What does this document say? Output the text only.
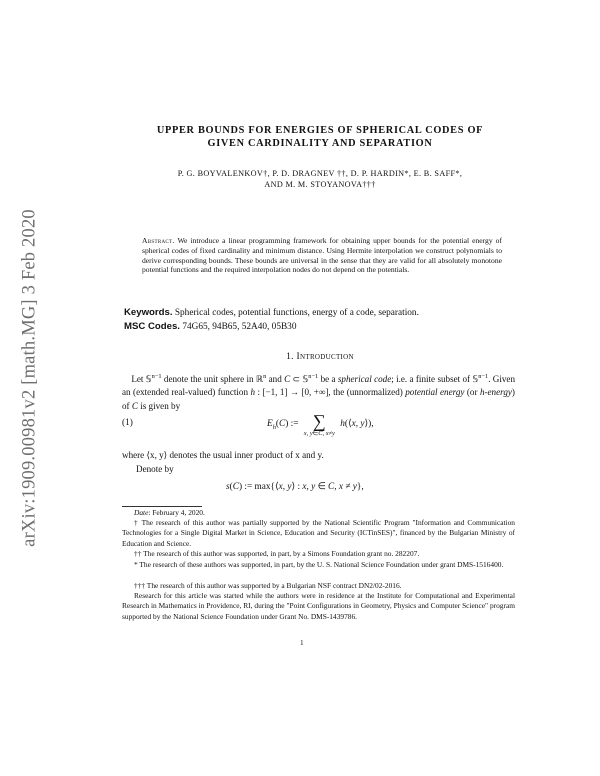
arXiv:1909.00981v2 [math.MG] 3 Feb 2020
UPPER BOUNDS FOR ENERGIES OF SPHERICAL CODES OF
GIVEN CARDINALITY AND SEPARATION
P. G. BOYVALENKOV†, P. D. DRAGNEV ††, D. P. HARDIN*, E. B. SAFF*,
AND M. M. STOYANOVA†††
Abstract. We introduce a linear programming framework for obtaining upper bounds for the potential energy of spherical codes of fixed cardinality and minimum distance. Using Hermite interpolation we construct polynomials to derive corresponding bounds. These bounds are universal in the sense that they are valid for all absolutely monotone potential functions and the required interpolation nodes do not depend on the potentials.
Keywords. Spherical codes, potential functions, energy of a code, separation.
MSC Codes. 74G65, 94B65, 52A40, 05B30
1. Introduction
Let 𝕊$^{n-1}$ denote the unit sphere in ℝ$^n$ and C ⊂ 𝕊$^{n-1}$ be a spherical code; i.e. a finite subset of 𝕊$^{n-1}$. Given an (extended real-valued) function h : [−1, 1] → [0, +∞], the (unnormalized) potential energy (or h-energy) of C is given by
(1)	$E_h(C)$ := ∑
$^{x, y\in C, x\ne y}$ h(⟨x, y⟩),
where ⟨x, y⟩ denotes the usual inner product of x and y.
Denote by
s(C) := max{⟨x, y⟩ : x, y ∈ C, x ≠ y},
Date: February 4, 2020.
† The research of this author was partially supported by the National Scientific Program "Information and Communication Technologies for a Single Digital Market in Science, Education and Security (ICTinSES)", financed by the Bulgarian Ministry of Education and Science.
†† The research of this author was supported, in part, by a Simons Foundation grant no. 282207.
* The research of these authors was supported, in part, by the U. S. National Science Foundation under grant DMS-1516400.
††† The research of this author was supported by a Bulgarian NSF contract DN2/02-2016.
Research for this article was started while the authors were in residence at the Institute for Computational and Experimental Research in Mathematics in Providence, RI, during the "Point Configurations in Geometry, Physics and Computer Science" program supported by the National Science Foundation under Grant No. DMS-1439786.
1
